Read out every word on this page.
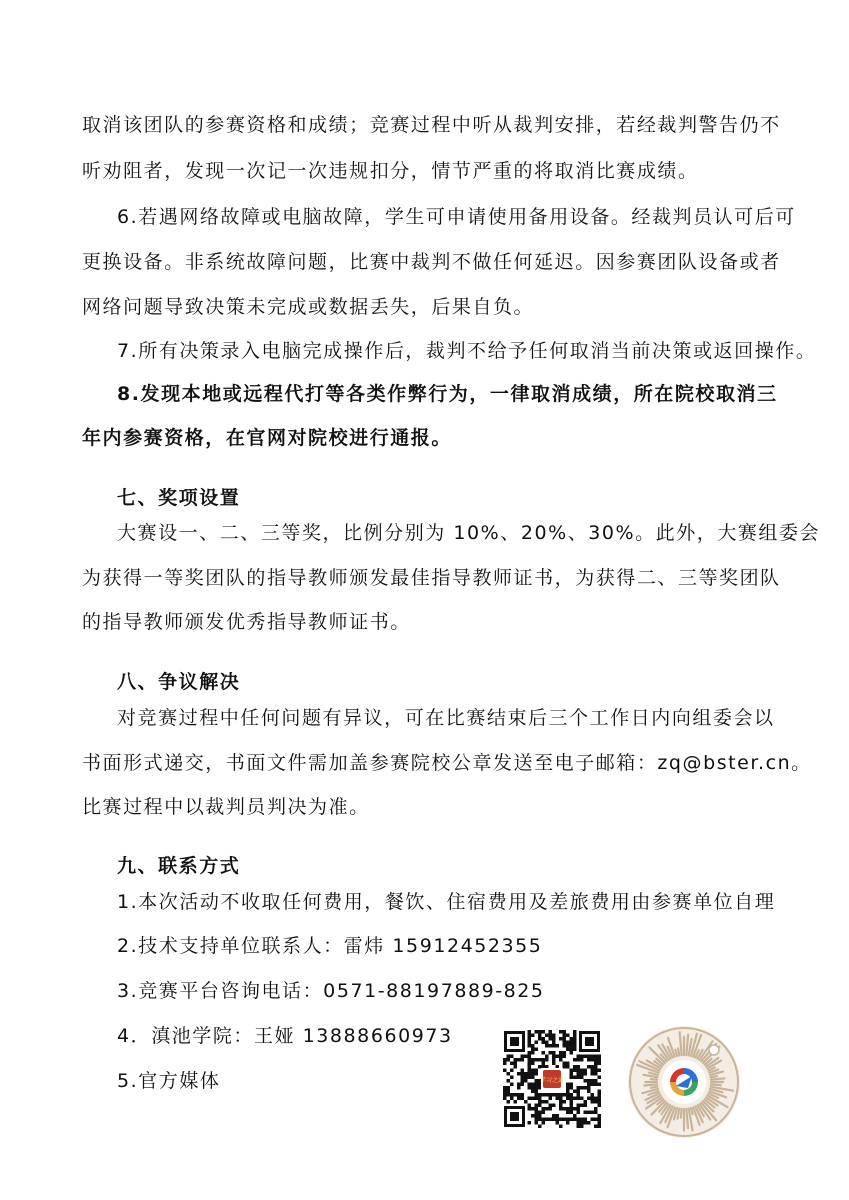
取消该团队的参赛资格和成绩；竞赛过程中听从裁判安排，若经裁判警告仍不
听劝阻者，发现一次记一次违规扣分，情节严重的将取消比赛成绩。
6.若遇网络故障或电脑故障，学生可申请使用备用设备。经裁判员认可后可
更换设备。非系统故障问题，比赛中裁判不做任何延迟。因参赛团队设备或者
网络问题导致决策未完成或数据丢失，后果自负。
7.所有决策录入电脑完成操作后，裁判不给予任何取消当前决策或返回操作。
8.发现本地或远程代打等各类作弊行为，一律取消成绩，所在院校取消三
年内参赛资格，在官网对院校进行通报。
七、奖项设置
大赛设一、二、三等奖，比例分别为 10%、20%、30%。此外，大赛组委会
为获得一等奖团队的指导教师颁发最佳指导教师证书，为获得二、三等奖团队
的指导教师颁发优秀指导教师证书。
八、争议解决
对竞赛过程中任何问题有异议，可在比赛结束后三个工作日内向组委会以
书面形式递交，书面文件需加盖参赛院校公章发送至电子邮箱：zq@bster.cn。
比赛过程中以裁判员判决为准。
九、联系方式
1.本次活动不收取任何费用，餐饮、住宿费用及差旅费用由参赛单位自理
2.技术支持单位联系人：雷炜 15912452355
3.竞赛平台咨询电话：0571-88197889-825
4．滇池学院：王娅 13888660973
5.官方媒体	学习之道
